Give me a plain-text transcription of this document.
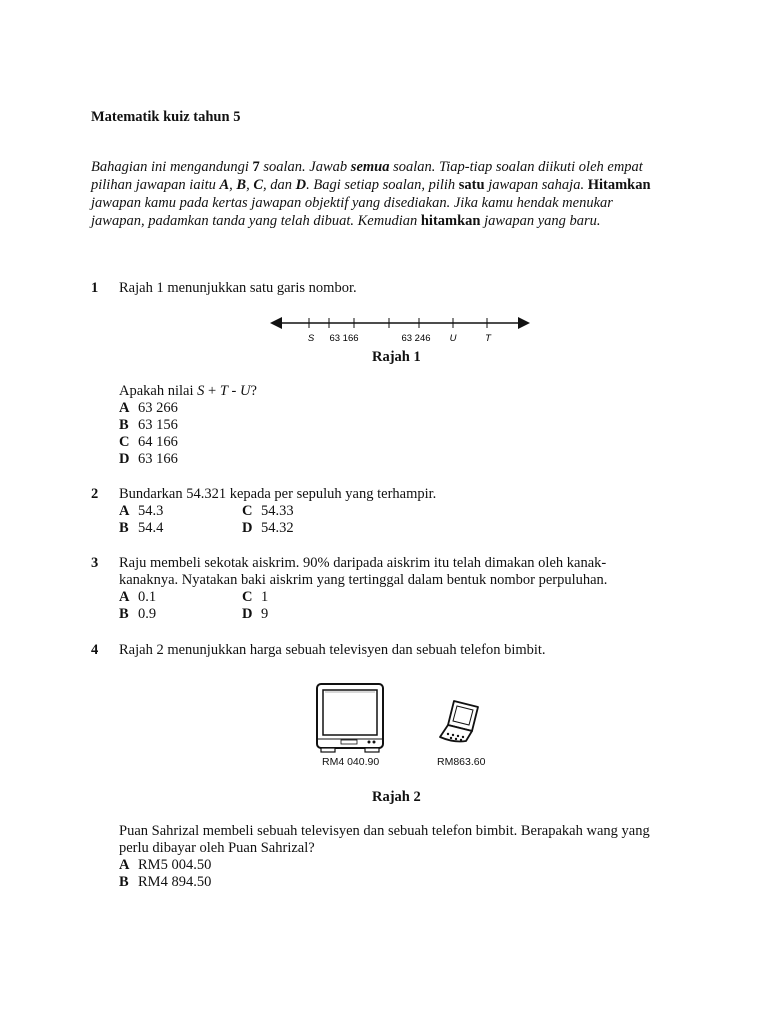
Matematik kuiz tahun 5
Bahagian ini mengandungi 7 soalan. Jawab semua soalan. Tiap-tiap soalan diikuti oleh empat
pilihan jawapan iaitu A, B, C, dan D. Bagi setiap soalan, pilih satu jawapan sahaja. Hitamkan
jawapan kamu pada kertas jawapan objektif yang disediakan. Jika kamu hendak menukar
jawapan, padamkan tanda yang telah dibuat. Kemudian hitamkan jawapan yang baru.
1 Rajah 1 menunjukkan satu garis nombor.
S 63 166	63 246 U	T
Rajah 1
Apakah nilai S + T - U?
A 63 266
B 63 156
C 64 166
D 63 166
2 Bundarkan 54.321 kepada per sepuluh yang terhampir.
A 54.3	C 54.33
B 54.4	D 54.32
3 Raju membeli sekotak aiskrim. 90% daripada aiskrim itu telah dimakan oleh kanak-
kanaknya. Nyatakan baki aiskrim yang tertinggal dalam bentuk nombor perpuluhan.
A 0.1	C 1
B 0.9	D 9
4 Rajah 2 menunjukkan harga sebuah televisyen dan sebuah telefon bimbit.
RM4 040.90	RM863.60
Rajah 2
Puan Sahrizal membeli sebuah televisyen dan sebuah telefon bimbit. Berapakah wang yang
perlu dibayar oleh Puan Sahrizal?
A RM5 004.50
B RM4 894.50
